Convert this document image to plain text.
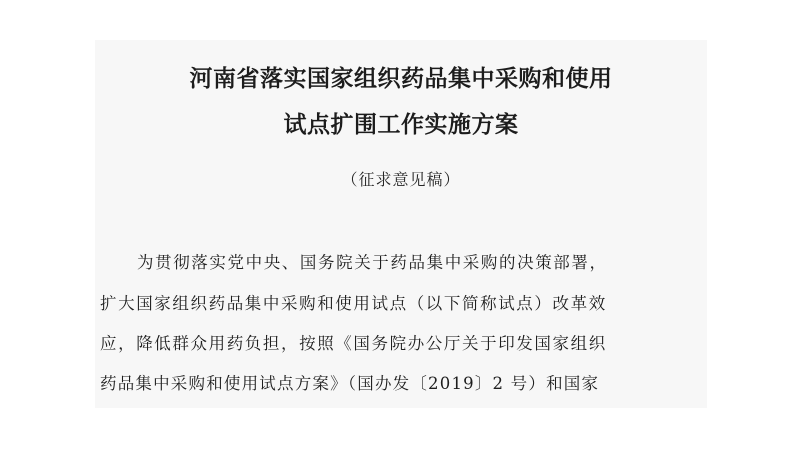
河南省落实国家组织药品集中采购和使用
试点扩围工作实施方案
（征求意见稿）
为贯彻落实党中央、国务院关于药品集中采购的决策部署，
扩大国家组织药品集中采购和使用试点（以下简称试点）改革效
应，降低群众用药负担，按照《国务院办公厅关于印发国家组织
药品集中采购和使用试点方案》（国办发〔2019〕2 号）和国家
